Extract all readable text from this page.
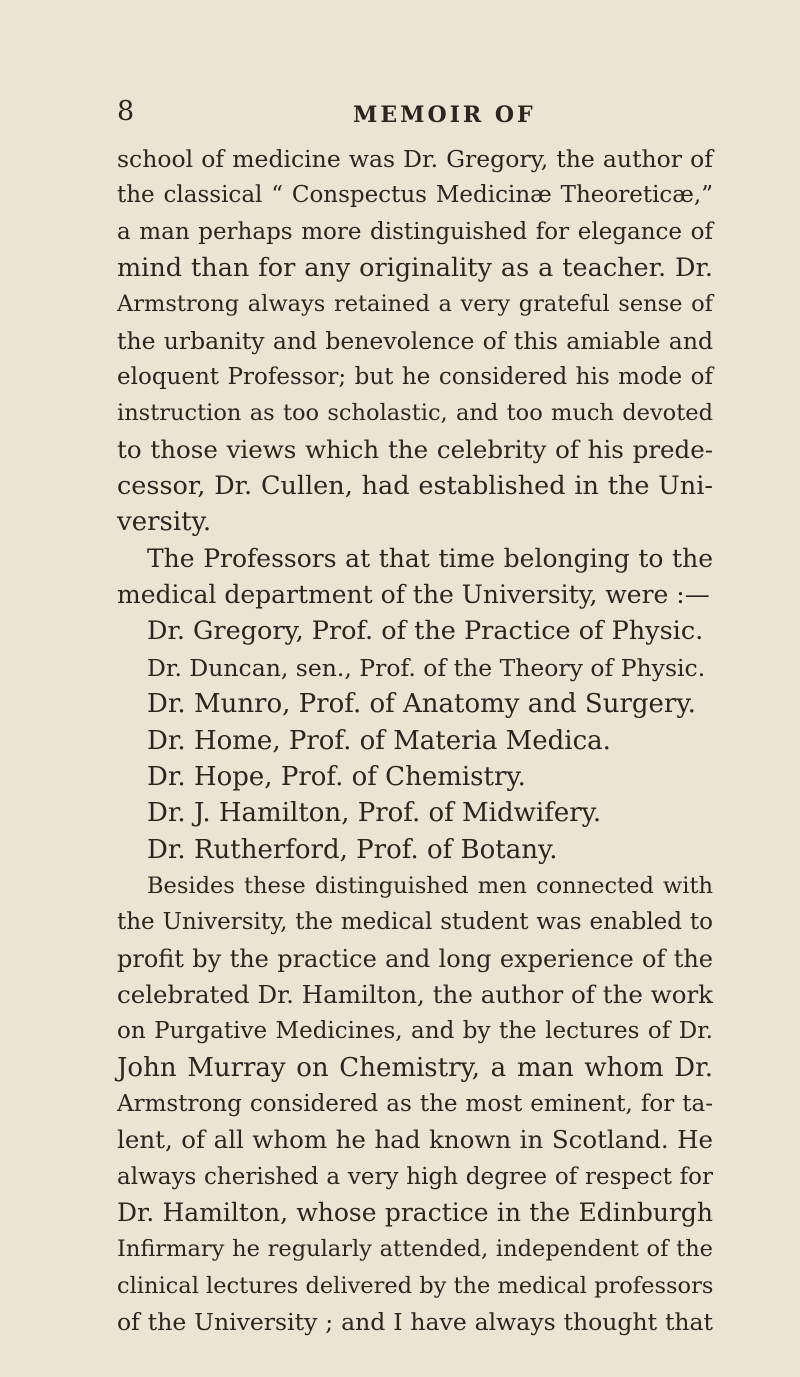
8	MEMOIR OF
school of medicine was Dr. Gregory, the author of
the classical “ Conspectus Medicinæ Theoreticæ,”
a man perhaps more distinguished for elegance of
mind than for any originality as a teacher. Dr.
Armstrong always retained a very grateful sense of
the urbanity and benevolence of this amiable and
eloquent Professor; but he considered his mode of
instruction as too scholastic, and too much devoted
to those views which the celebrity of his prede-
cessor, Dr. Cullen, had established in the Uni-
versity.
The Professors at that time belonging to the
medical department of the University, were :—
Dr. Gregory, Prof. of the Practice of Physic.
Dr. Duncan, sen., Prof. of the Theory of Physic.
Dr. Munro, Prof. of Anatomy and Surgery.
Dr. Home, Prof. of Materia Medica.
Dr. Hope, Prof. of Chemistry.
Dr. J. Hamilton, Prof. of Midwifery.
Dr. Rutherford, Prof. of Botany.
Besides these distinguished men connected with
the University, the medical student was enabled to
profit by the practice and long experience of the
celebrated Dr. Hamilton, the author of the work
on Purgative Medicines, and by the lectures of Dr.
John Murray on Chemistry, a man whom Dr.
Armstrong considered as the most eminent, for ta-
lent, of all whom he had known in Scotland. He
always cherished a very high degree of respect for
Dr. Hamilton, whose practice in the Edinburgh
Infirmary he regularly attended, independent of the
clinical lectures delivered by the medical professors
of the University ; and I have always thought that
